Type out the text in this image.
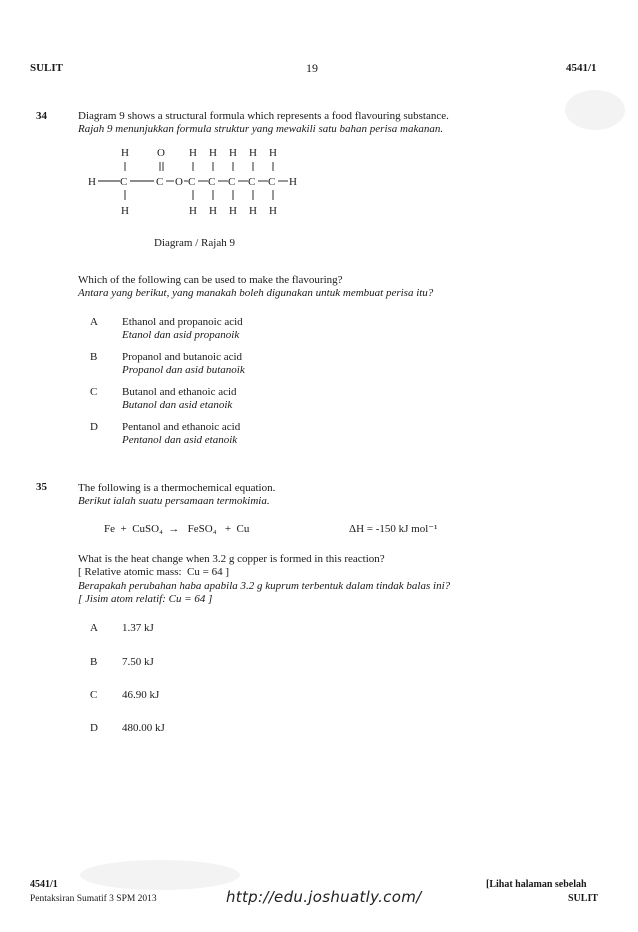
SULIT	19	4541/1
34	Diagram 9 shows a structural formula which represents a food flavouring substance.
Rajah 9 menunjukkan formula struktur yang mewakili satu bahan perisa makanan.
H	O H H H H H
H C	C O C C C C C H
H	H H H H H
Diagram / Rajah 9
Which of the following can be used to make the flavouring?
Antara yang berikut, yang manakah boleh digunakan untuk membuat perisa itu?
A Ethanol and propanoic acid
Etanol dan asid propanoik
B Propanol and butanoic acid
Propanol dan asid butanoik
C Butanol and ethanoic acid
Butanol dan asid etanoik
D Pentanol and ethanoic acid
Pentanol dan asid etanoik
35	The following is a thermochemical equation.
Berikut ialah suatu persamaan termokimia.
Fe  +  CuSO₄  →   FeSO₄   +  Cu	ΔH = -150 kJ mol⁻¹
What is the heat change when 3.2 g copper is formed in this reaction?
[ Relative atomic mass:  Cu = 64 ]
Berapakah perubahan haba apabila 3.2 g kuprum terbentuk dalam tindak balas ini?
[ Jisim atom relatif: Cu = 64 ]
A 1.37 kJ
B 7.50 kJ
C 46.90 kJ
D 480.00 kJ
4541/1
Pentaksiran Sumatif 3 SPM 2013	http://edu.joshuatly.com/
[Lihat halaman sebelah
SULIT
